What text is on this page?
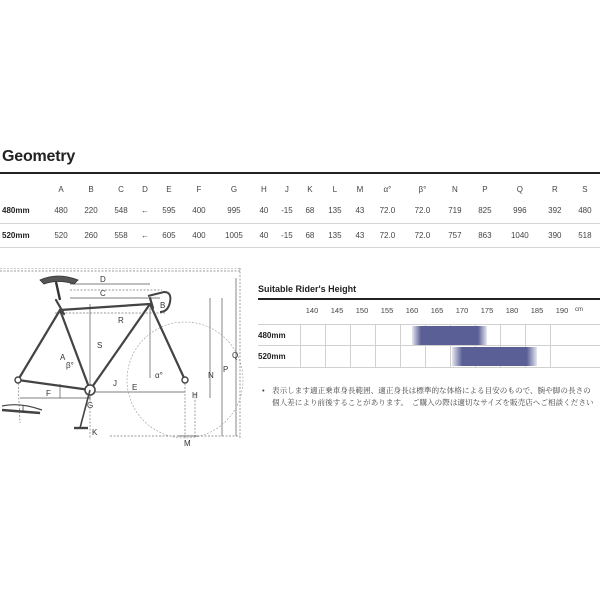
Geometry
	A	B	C	D	E	F	G	H	J	K	L	M	α°	β°	N	P	Q	R	S
480mm	480	220	548	←	595	400	995	40	-15	68	135	43	72.0	72.0	719	825	996	392	480
520mm	520	260	558	←	605	400	1005	40	-15	68	135	43	72.0	72.0	757	863	1040	390	518
D
C
B
R
S
A
β°
α°	N
P
Q
F
J E
G
H
K
L
M
Suitable Rider's Height
140 145 150 155 160 165 170 175 180 185 190 cm
480mm
520mm
• 表示します適正乗車身長範囲、適正身長は標準的な体格による目安のもので、腕や脚の長さの個人差により前後することがあります。　ご購入の際は適切なサイズを販売店へご相談ください
